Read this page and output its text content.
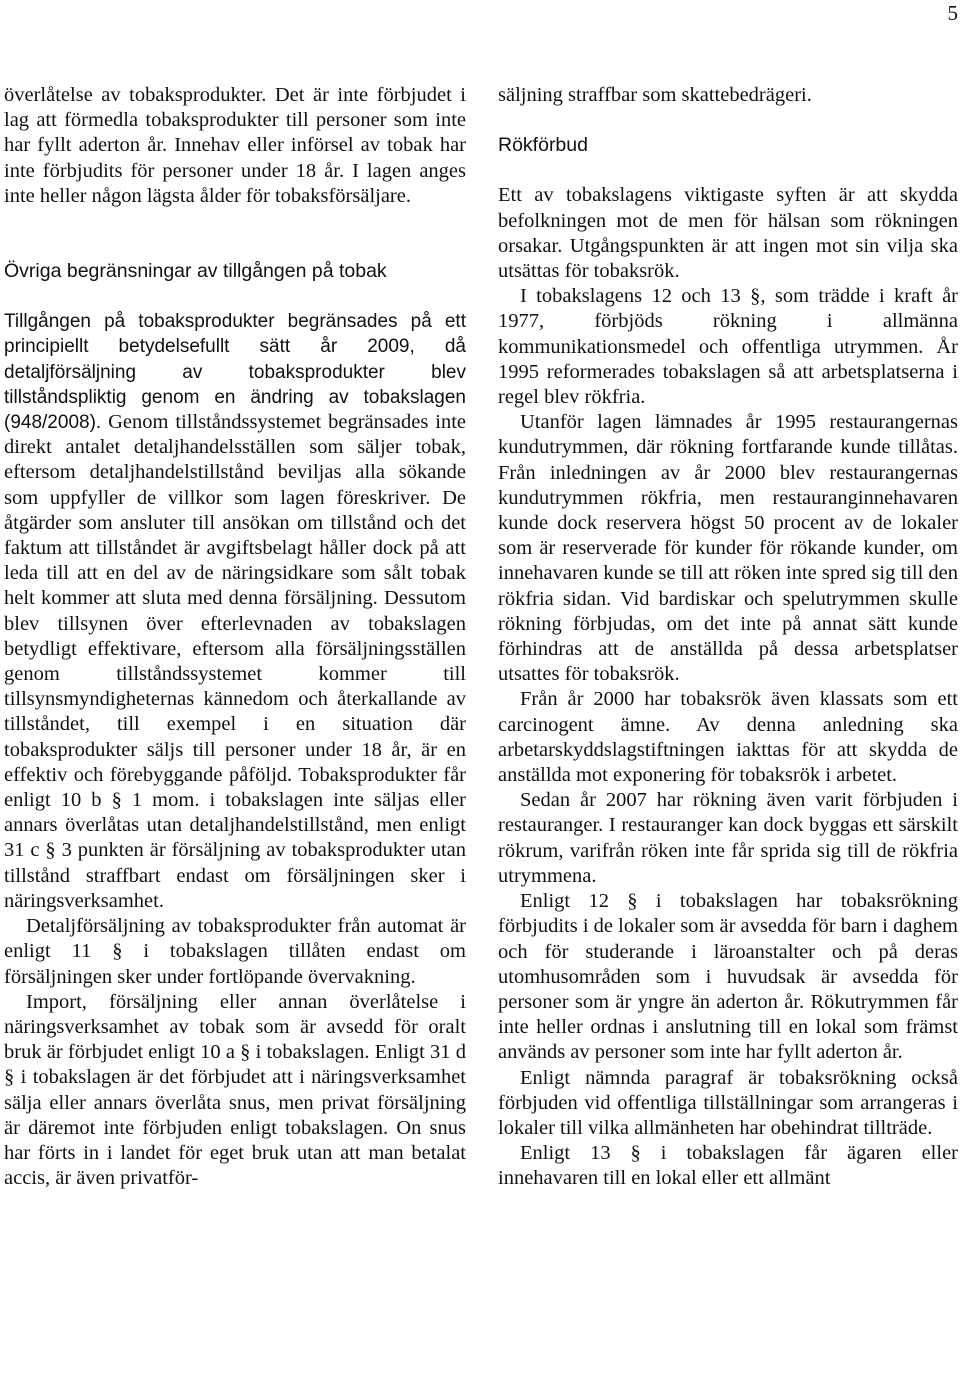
5

överlåtelse av tobaksprodukter. Det är inte förbjudet i lag att förmedla tobaksprodukter till personer som inte har fyllt aderton år. Innehav eller införsel av tobak har inte förbjudits för personer under 18 år. I lagen anges inte heller någon lägsta ålder för tobaksförsäljare.

Övriga begränsningar av tillgången på tobak

Tillgången på tobaksprodukter begränsades på ett principiellt betydelsefullt sätt år 2009, då detaljförsäljning av tobaksprodukter blev tillståndspliktig genom en ändring av tobakslagen (948/2008). Genom tillståndssystemet begränsades inte direkt antalet detaljhandelsställen som säljer tobak, eftersom detaljhandelstillstånd beviljas alla sökande som uppfyller de villkor som lagen föreskriver. De åtgärder som ansluter till ansökan om tillstånd och det faktum att tillståndet är avgiftsbelagt håller dock på att leda till att en del av de näringsidkare som sålt tobak helt kommer att sluta med denna försäljning. Dessutom blev tillsynen över efterlevnaden av tobakslagen betydligt effektivare, eftersom alla försäljningsställen genom tillståndssystemet kommer till tillsynsmyndigheternas kännedom och återkallande av tillståndet, till exempel i en situation där tobaksprodukter säljs till personer under 18 år, är en effektiv och förebyggande påföljd. Tobaksprodukter får enligt 10 b § 1 mom. i tobakslagen inte säljas eller annars överlåtas utan detaljhandelstillstånd, men enligt 31 c § 3 punkten är försäljning av tobaksprodukter utan tillstånd straffbart endast om försäljningen sker i näringsverksamhet.

Detaljförsäljning av tobaksprodukter från automat är enligt 11 § i tobakslagen tillåten endast om försäljningen sker under fortlöpande övervakning.

Import, försäljning eller annan överlåtelse i näringsverksamhet av tobak som är avsedd för oralt bruk är förbjudet enligt 10 a § i tobakslagen. Enligt 31 d § i tobakslagen är det förbjudet att i näringsverksamhet sälja eller annars överlåta snus, men privat försäljning är däremot inte förbjuden enligt tobakslagen. On snus har förts in i landet för eget bruk utan att man betalat accis, är även privatför-

säljning straffbar som skattebedrägeri.

Rökförbud

Ett av tobakslagens viktigaste syften är att skydda befolkningen mot de men för hälsan som rökningen orsakar. Utgångspunkten är att ingen mot sin vilja ska utsättas för tobaksrök.

I tobakslagens 12 och 13 §, som trädde i kraft år 1977, förbjöds rökning i allmänna kommunikationsmedel och offentliga utrymmen. År 1995 reformerades tobakslagen så att arbetsplatserna i regel blev rökfria.

Utanför lagen lämnades år 1995 restaurangernas kundutrymmen, där rökning fortfarande kunde tillåtas. Från inledningen av år 2000 blev restaurangernas kundutrymmen rökfria, men restauranginnehavaren kunde dock reservera högst 50 procent av de lokaler som är reserverade för kunder för rökande kunder, om innehavaren kunde se till att röken inte spred sig till den rökfria sidan. Vid bardiskar och spelutrymmen skulle rökning förbjudas, om det inte på annat sätt kunde förhindras att de anställda på dessa arbetsplatser utsattes för tobaksrök.

Från år 2000 har tobaksrök även klassats som ett carcinogent ämne. Av denna anledning ska arbetarskyddslagstiftningen iakttas för att skydda de anställda mot exponering för tobaksrök i arbetet.

Sedan år 2007 har rökning även varit förbjuden i restauranger. I restauranger kan dock byggas ett särskilt rökrum, varifrån röken inte får sprida sig till de rökfria utrymmena.

Enligt 12 § i tobakslagen har tobaksrökning förbjudits i de lokaler som är avsedda för barn i daghem och för studerande i läroanstalter och på deras utomhusområden som i huvudsak är avsedda för personer som är yngre än aderton år. Rökutrymmen får inte heller ordnas i anslutning till en lokal som främst används av personer som inte har fyllt aderton år.

Enligt nämnda paragraf är tobaksrökning också förbjuden vid offentliga tillställningar som arrangeras i lokaler till vilka allmänheten har obehindrat tillträde.

Enligt 13 § i tobakslagen får ägaren eller innehavaren till en lokal eller ett allmänt
